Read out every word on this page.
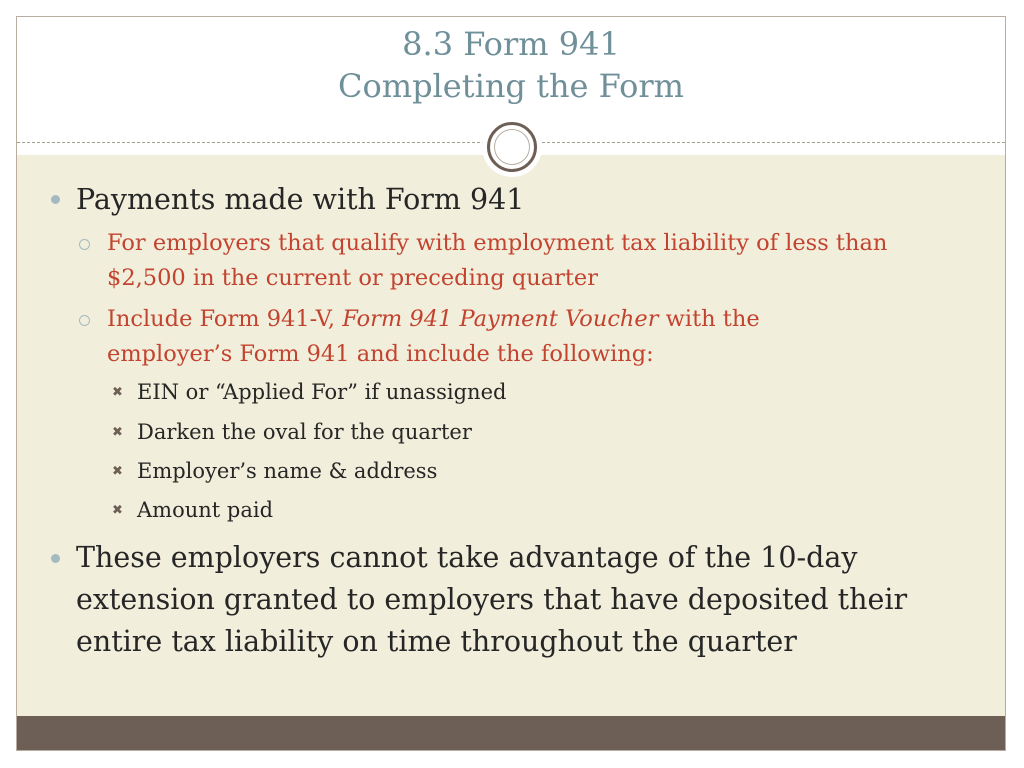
8.3 Form 941
Completing the Form

Payments made with Form 941

For employers that qualify with employment tax liability of less than

$2,500 in the current or preceding quarter

Include Form 941-V, Form 941 Payment Voucher with the

employer’s Form 941 and include the following:

✖ EIN or “Applied For” if unassigned

✖ Darken the oval for the quarter

✖ Employer’s name & address

✖ Amount paid

These employers cannot take advantage of the 10-day

extension granted to employers that have deposited their

entire tax liability on time throughout the quarter
